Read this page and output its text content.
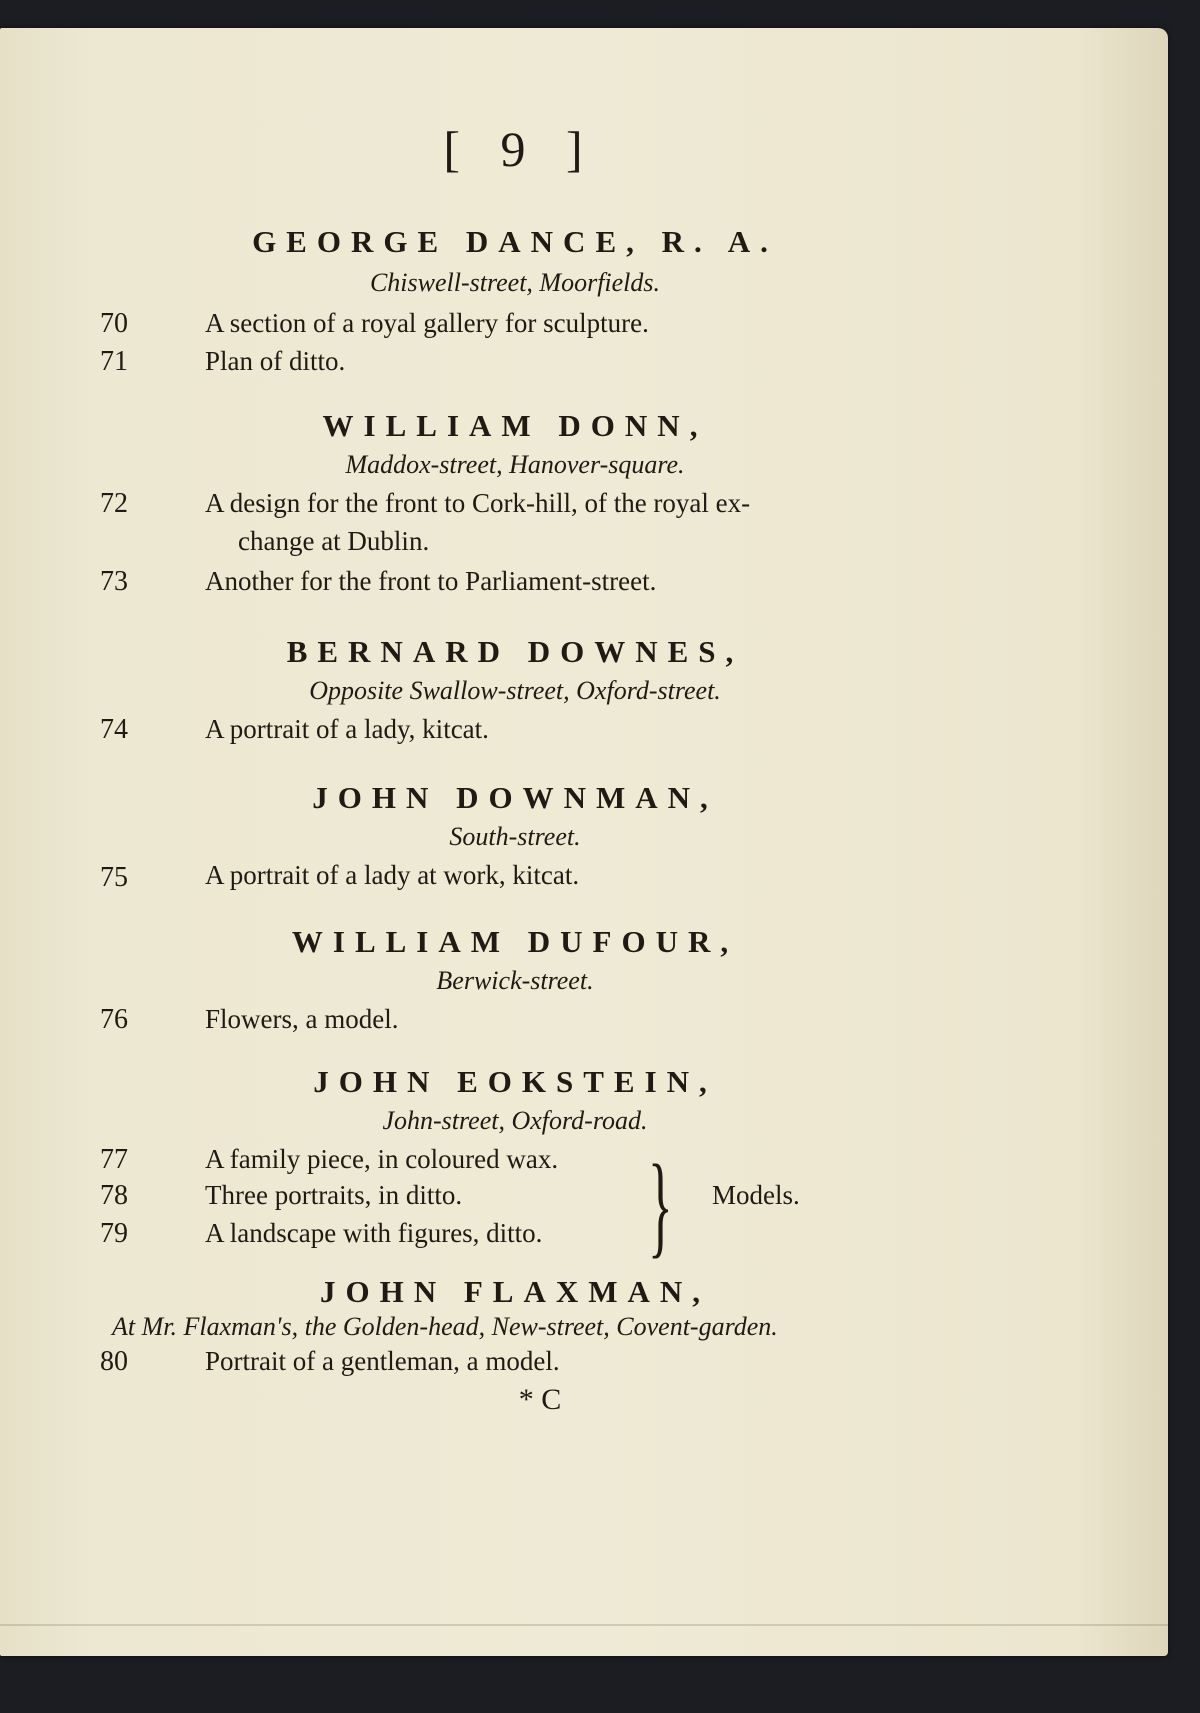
[ 9 ]
GEORGE DANCE, R. A.
Chiswell-street, Moorfields.
70	A section of a royal gallery for sculpture.
71	Plan of ditto.
WILLIAM DONN,
Maddox-street, Hanover-square.
72	A design for the front to Cork-hill, of the royal ex-
change at Dublin.
73	Another for the front to Parliament-street.
BERNARD DOWNES,
Opposite Swallow-street, Oxford-street.
74	A portrait of a lady, kitcat.
JOHN DOWNMAN,
South-street.
75	A portrait of a lady at work, kitcat.
WILLIAM DUFOUR,
Berwick-street.
76	Flowers, a model.
JOHN EOKSTEIN,
John-street, Oxford-road.
77	A family piece, in coloured wax.
78	Three portraits, in ditto.
79	A landscape with figures, ditto. } Models.
JOHN FLAXMAN,
At Mr. Flaxman's, the Golden-head, New-street, Covent-garden.
80	Portrait of a gentleman, a model.
* C
